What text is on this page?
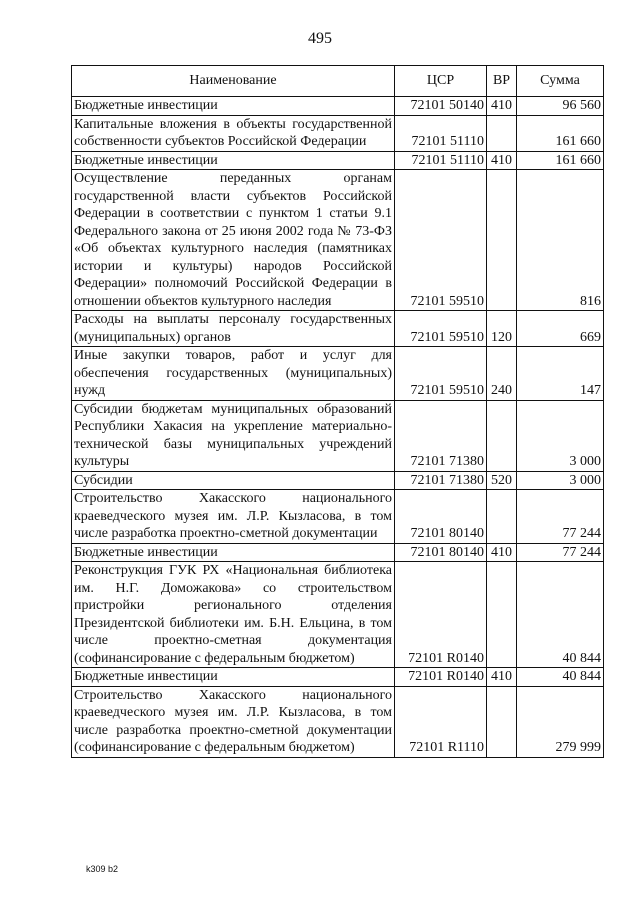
495
Наименование	ЦСР	ВР	Сумма
Бюджетные инвестиции	72101 50140	410	96 560
Капитальные вложения в объекты государственной собственности субъектов Российской Федерации	72101 51110		161 660
Бюджетные инвестиции	72101 51110	410	161 660
Осуществление переданных органам государственной власти субъектов Российской Федерации в соответствии с пунктом 1 статьи 9.1 Федерального закона от 25 июня 2002 года № 73-ФЗ «Об объектах культурного наследия (памятниках истории и культуры) народов Российской Федерации» полномочий Российской Федерации в отношении объектов культурного наследия	72101 59510		816
Расходы на выплаты персоналу государственных (муниципальных) органов	72101 59510	120	669
Иные закупки товаров, работ и услуг для обеспечения государственных (муниципальных) нужд	72101 59510	240	147
Субсидии бюджетам муниципальных образований Республики Хакасия на укрепление материально-технической базы муниципальных учреждений культуры	72101 71380		3 000
Субсидии	72101 71380	520	3 000
Строительство Хакасского национального краеведческого музея им. Л.Р. Кызласова, в том числе разработка проектно-сметной документации	72101 80140		77 244
Бюджетные инвестиции	72101 80140	410	77 244
Реконструкция ГУК РХ «Национальная библиотека им. Н.Г. Доможакова» со строительством пристройки регионального отделения Президентской библиотеки им. Б.Н. Ельцина, в том числе проектно-сметная документация (софинансирование с федеральным бюджетом)	72101 R0140		40 844
Бюджетные инвестиции	72101 R0140	410	40 844
Строительство Хакасского национального краеведческого музея им. Л.Р. Кызласова, в том числе разработка проектно-сметной документации (софинансирование с федеральным бюджетом)	72101 R1110		279 999
k309 b2
